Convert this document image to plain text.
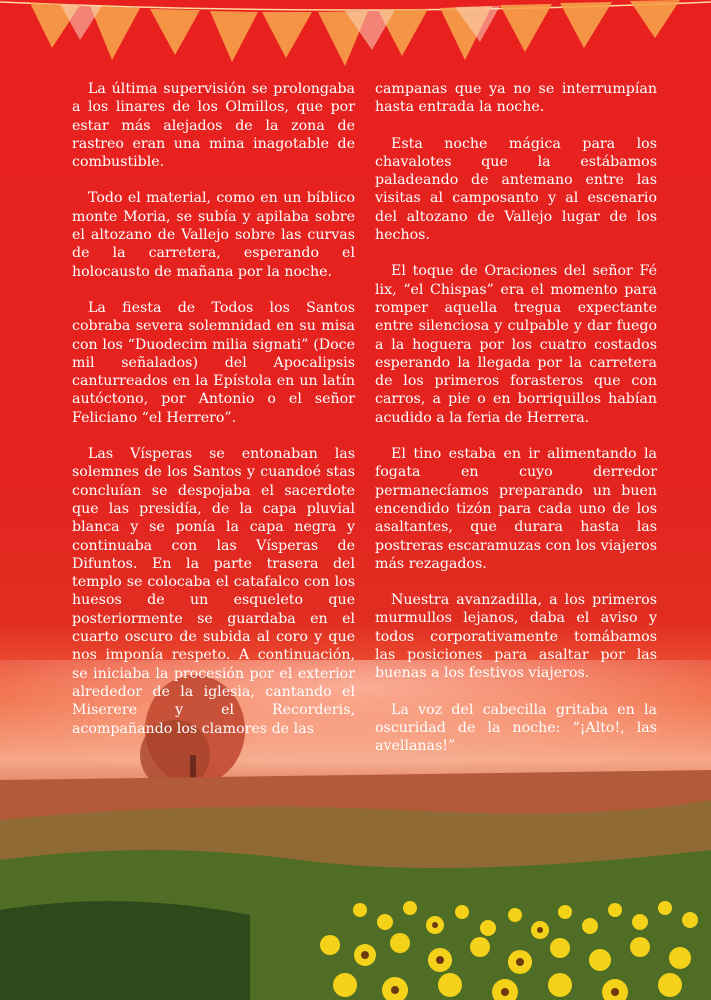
La última supervisión se prolongaba a los linares de los Olmillos, que por estar más alejados de la zona de rastreo eran una mina inagotable de combustible.

Todo el material, como en un bíblico monte Moria, se subía y apilaba sobre el altozano de Vallejo sobre las curvas de la carretera, esperando el holocausto de mañana por la noche.

La fiesta de Todos los Santos cobraba severa solemnidad en su misa con los “Duodecim milia signati” (Doce mil señalados) del Apocalipsis canturreados en la Epístola en un latín autóctono, por Antonio o el señor Feliciano “el Herrero”.

Las Vísperas se entonaban las solemnes de los Santos y cuandoé stas concluían se despojaba el sacerdote que las presidía, de la capa pluvial blanca y se ponía la capa negra y continuaba con las Vísperas de Difuntos. En la parte trasera del templo se colocaba el catafalco con los huesos de un esqueleto que posteriormente se guardaba en el cuarto oscuro de subida al coro y que nos imponía respeto. A continuación, se iniciaba la procesión por el exterior alrededor de la iglesia, cantando el Miserere y el Recorderis, acompañando los clamores de las

campanas que ya no se interrumpían hasta entrada la noche.

Esta noche mágica para los chavalotes que la estábamos paladeando de antemano entre las visitas al camposanto y al escenario del altozano de Vallejo lugar de los hechos.

El toque de Oraciones del señor Fé lix, “el Chispas” era el momento para romper aquella tregua expectante entre silenciosa y culpable y dar fuego a la hoguera por los cuatro costados esperando la llegada por la carretera de los primeros forasteros que con carros, a pie o en borriquillos habían acudido a la feria de Herrera.

El tino estaba en ir alimentando la fogata en cuyo derredor permanecíamos preparando un buen encendido tizón para cada uno de los asaltantes, que durara hasta las postreras escaramuzas con los viajeros más rezagados.

Nuestra avanzadilla, a los primeros murmullos lejanos, daba el aviso y todos corporativamente tomábamos las posiciones para asaltar por las buenas a los festivos viajeros.

La voz del cabecilla gritaba en la oscuridad de la noche: “¡Alto!, las avellanas!”
